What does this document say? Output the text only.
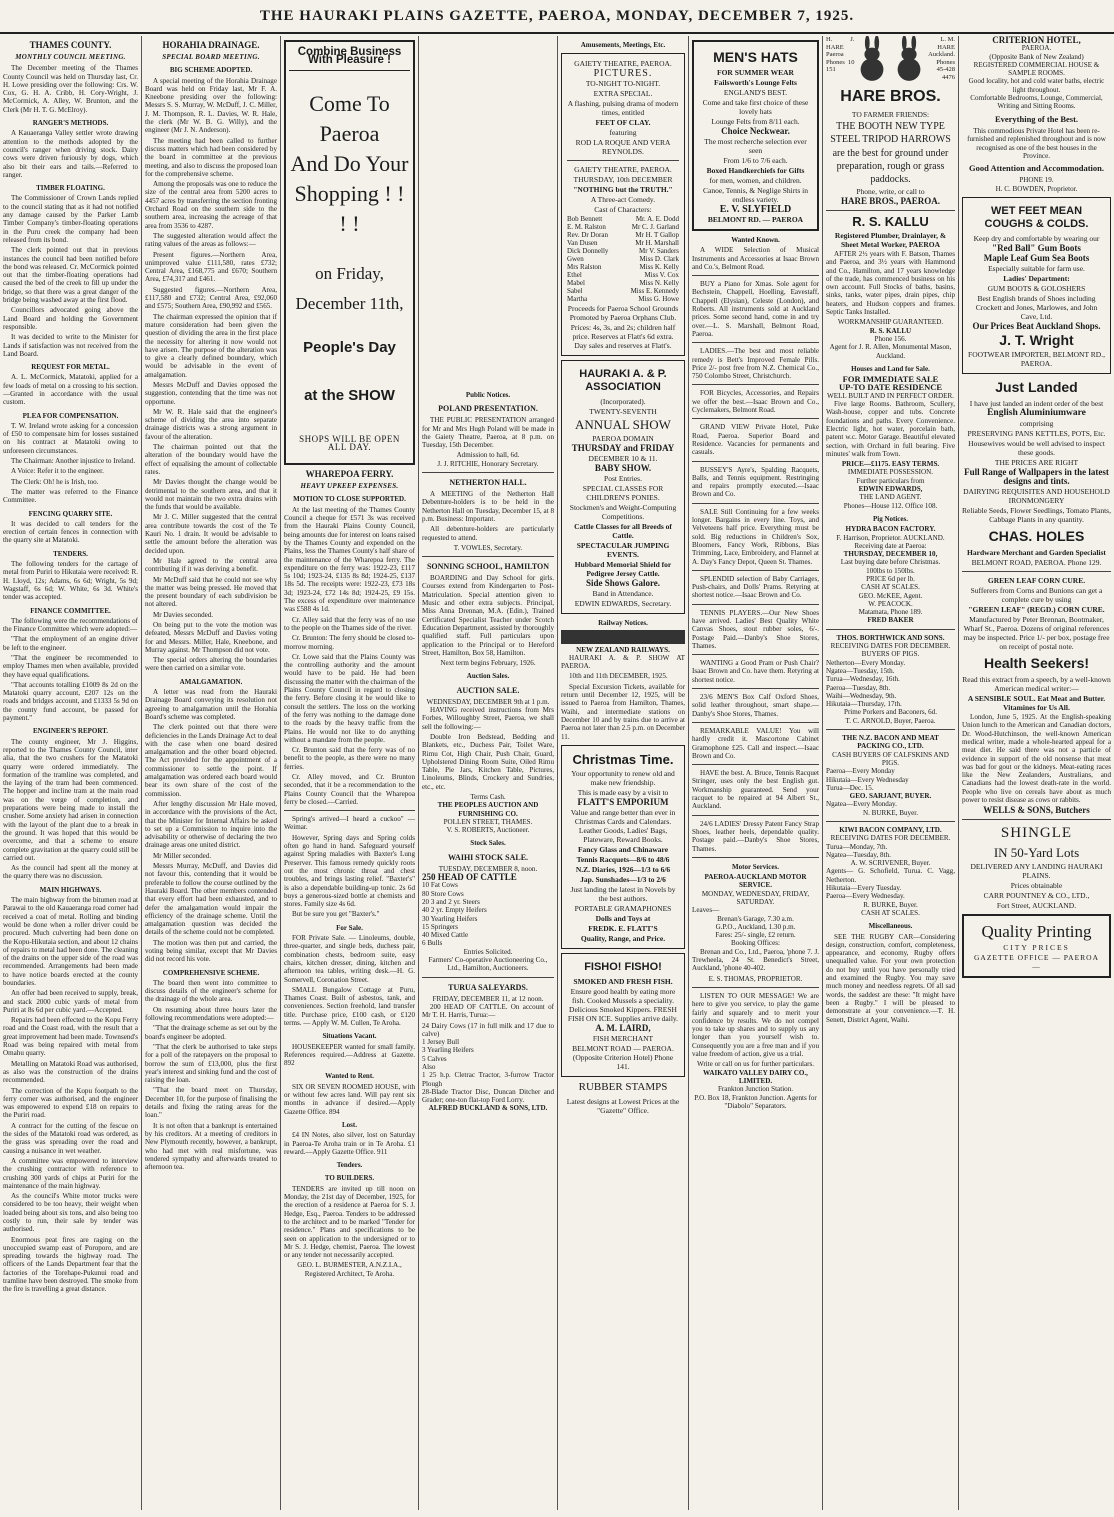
THE HAURAKI PLAINS GAZETTE, PAEROA, MONDAY, DECEMBER 7, 1925.
THAMES COUNTY.
MONTHLY COUNCIL MEETING.

The December meeting of the Thames County Council was held on Thursday last, Cr. H. Lowe presiding over the following: Crs. W. Cox, G. H. A. Cribb, H. Cory-Wright, J. McCormick, A. Alley, W. Brunton, and the Clerk (Mr H. T. G. McElroy).

RANGER'S METHODS.

A Kauaeranga Valley settler wrote drawing attention to the methods adopted by the council's ranger when driving stock. Dairy cows were driven furiously by dogs, which also bit their ears and tails.—Referred to ranger.

TIMBER FLOATING.

The Commissioner of Crown Lands replied to the council stating that as it had not notified any damage caused by the Parker Lamb Timber Company's timber-floating operations in the Puru creek the company had been released from its bond.

The clerk pointed out that in previous instances the council had been notified before the bond was released. Cr. McCormick pointed out that the timber-floating operations had caused the bed of the creek to fill up under the bridge, so that there was a great danger of the bridge being washed away at the first flood.

Councillors advocated going above the Land Board and holding the Government responsible.

It was decided to write to the Minister for Lands if satisfaction was not received from the Land Board.

REQUEST FOR METAL.

A. L. McCormick, Matatoki, applied for a few loads of metal on a crossing to his section.—Granted in accordance with the usual custom.

PLEA FOR COMPENSATION.

T. W. Ireland wrote asking for a concession of £50 to compensate him for losses sustained on his contract at Matatoki owing to unforeseen circumstances.

The Chairman: Another injustice to Ireland.

A Voice: Refer it to the engineer.

The Clerk: Oh! he is Irish, too.

The matter was referred to the Finance Committee.

FENCING QUARRY SITE.

It was decided to call tenders for the erection of certain fences in connection with the quarry site at Matatoki.

TENDERS.

The following tenders for the cartage of metal from Puriri to Hikutaia were received: R. H. Lloyd, 12s; Adams, 6s 6d; Wright, 5s 9d; Wagstaff, 6s 6d; W. White, 6s 3d. White's tender was accepted.

FINANCE COMMITTEE.

The following were the recommendations of the Finance Committee which were adopted:—

"That the employment of an engine driver be left to the engineer.

"That the engineer be recommended to employ Thames men when available, provided they have equal qualifications.

"That accounts totalling £1009 8s 2d on the Matatoki quarry account, £207 12s on the roads and bridges account, and £1333 5s 9d on the county fund account, be passed for payment."

ENGINEER'S REPORT.

The county engineer, Mr J. Higgins, reported to the Thames County Council, inter alia, that the two crushers for the Matatoki quarry were ordered immediately. The formation of the tramline was completed, and the laying of the tram had been commenced. The hopper and incline tram at the main road was on the verge of completion, and preparations were being made to install the crusher. Some anxiety had arisen in connection with the layout of the plant due to a break in the ground. It was hoped that this would be overcome, and that a scheme to ensure complete gravitation at the quarry could still be carried out.

As the council had spent all the money at the quarry there was no discussion.

MAIN HIGHWAYS.

The main highway from the bitumen road at Parawai to the old Kauaeranga road corner had received a coat of metal. Rolling and binding would be done when a roller driver could be procured. Much culverting had been done on the Kopu-Hikutaia section, and about 12 chains of repairs to metal had been done. The cleaning of the drains on the upper side of the road was recommended. Arrangements had been made to have notice boards erected at the county boundaries.

An offer had been received to supply, break, and stack 2000 cubic yards of metal from Puriri at 8s 6d per cubic yard.—Accepted.

Repairs had been effected to the Kopu Ferry road and the Coast road, with the result that a great improvement had been made. Townsend's Road was being repaired with metal from Omahu quarry.

Metalling on Matatoki Road was authorised, as also was the construction of the drains recommended.

The correction of the Kopu footpath to the ferry corner was authorised, and the engineer was empowered to expend £18 on repairs to the Puriri road.

A contract for the cutting of the fescue on the sides of the Matatoki road was ordered, as the grass was spreading over the road and causing a nuisance in wet weather.

A committee was empowered to interview the crushing contractor with reference to crushing 300 yards of chips at Puriri for the maintenance of the main highway.

As the council's White motor trucks were considered to be too heavy, their weight when loaded being about six tons, and also being too costly to run, their sale by tender was authorised.

Enormous peat fires are raging on the unoccupied swamp east of Poroporo, and are spreading towards the highway road. The officers of the Lands Department fear that the factories of the Torehape-Pukunui road and tramline have been destroyed. The smoke from the fire is travelling a great distance.

HORAHIA DRAINAGE.
SPECIAL BOARD MEETING.
BIG SCHEME ADOPTED.

A special meeting of the Horahia Drainage Board was held on Friday last, Mr F. A. Kneebone presiding over the following: Messrs S. S. Murray, W. McDuff, J. C. Miller, J. M. Thompson, R. L. Davies, W. R. Hale, the clerk (Mr W. B. G. Willy), and the engineer (Mr J. N. Anderson).

The meeting had been called to further discuss matters which had been considered by the board in committee at the previous meeting, and also to discuss the proposed loan for the comprehensive scheme.

Among the proposals was one to reduce the size of the central area from 5200 acres to 4457 acres by transferring the section fronting Orchard Road on the southern side to the southern area, increasing the acreage of that area from 3536 to 4287.

The suggested alteration would affect the rating values of the areas as follows:—

Present figures.—Northern Area, unimproved value £111,580, rates £732; Central Area, £168,775 and £670; Southern Area, £74,317 and £461.

Suggested figures.—Northern Area, £117,580 and £732; Central Area, £92,060 and £575; Southern Area, £90,992 and £565.

The chairman expressed the opinion that if mature consideration had been given the question of dividing the area in the first place the necessity for altering it now would not have arisen. The purpose of the alteration was to give a clearly defined boundary, which would be advisable in the event of amalgamation.

Messrs McDuff and Davies opposed the suggestion, contending that the time was not opportune.

Mr W. R. Hale said that the engineer's scheme of dividing the area into separate drainage districts was a strong argument in favour of the alteration.

The chairman pointed out that the alteration of the boundary would have the effect of equalising the amount of collectable rates.

Mr Davies thought the change would be detrimental to the southern area, and that it would not maintain the two extra drains with the funds that would be available.

Mr J. C. Miller suggested that the central area contribute towards the cost of the Te Kauri No. 1 drain. It would be advisable to settle the amount before the alteration was decided upon.

Mr Hale agreed to the central area contributing if it was deriving a benefit.

Mr McDuff said that he could not see why the matter was being pressed. He moved that the present boundary of each subdivision be not altered.

Mr Davies seconded.

On being put to the vote the motion was defeated, Messrs McDuff and Davies voting for and Messrs. Miller, Hale, Kneebone, and Murray against. Mr Thompson did not vote.

The special orders altering the boundaries were then carried on a similar vote.

AMALGAMATION.

A letter was read from the Hauraki Drainage Board conveying its resolution not agreeing to amalgamation until the Horahia Board's scheme was completed.

The clerk pointed out that there were deficiencies in the Lands Drainage Act to deal with the case when one board desired amalgamation and the other board objected. The Act provided for the appointment of a commissioner to settle the point. If amalgamation was ordered each board would bear its own share of the cost of the commission.

After lengthy discussion Mr Hale moved, in accordance with the provisions of the Act, that the Minister for Internal Affairs be asked to set up a Commission to inquire into the advisability or otherwise of declaring the two drainage areas one united district.

Mr Miller seconded.

Messrs Murray, McDuff, and Davies did not favour this, contending that it would be preferable to follow the course outlined by the Hauraki Board. The other members contended that every effort had been exhausted, and to defer the amalgamation would impair the efficiency of the drainage scheme. Until the amalgamation question was decided the details of the scheme could not be completed.

The motion was then put and carried, the voting being similar, except that Mr Davies did not record his vote.

COMPREHENSIVE SCHEME.

The board then went into committee to discuss details of the engineer's scheme for the drainage of the whole area.

On resuming about three hours later the following recommendations were adopted:—

"That the drainage scheme as set out by the board's engineer be adopted.

"That the clerk be authorised to take steps for a poll of the ratepayers on the proposal to borrow the sum of £13,000, plus the first year's interest and sinking fund and the cost of raising the loan.

"That the board meet on Thursday, December 10, for the purpose of finalising the details and fixing the rating areas for the loan."

It is not often that a bankrupt is entertained by his creditors. At a meeting of creditors in New Plymouth recently, however, a bankrupt, who had met with real misfortune, was tendered sympathy and afterwards treated to afternoon tea.

Combine Business With Pleasure !
Come To Paeroa
And Do Your
Shopping ! ! ! !
on Friday, December 11th,
People's Day
at the SHOW
SHOPS WILL BE OPEN ALL DAY.
WHAREPOA FERRY.
HEAVY UPKEEP EXPENSES.
MOTION TO CLOSE SUPPORTED.

At the last meeting of the Thames County Council a cheque for £571 3s was received from the Hauraki Plains County Council, being amounts due for interest on loans raised by the Thames County and expended on the Plains, less the Thames County's half share of the maintenance of the Wharepoa ferry. The expenditure on the ferry was: 1922-23, £117 5s 10d; 1923-24, £135 8s 8d; 1924-25, £137 18s 5d. The receipts were: 1922-23, £73 18s 3d; 1923-24, £72 14s 8d; 1924-25, £9 15s. The excess of expenditure over maintenance was £588 4s 1d.

Cr. Alley said that the ferry was of no use to the people on the Thames side of the river.

Cr. Brunton: The ferry should be closed to-morrow morning.

Cr. Lowe said that the Plains County was the controlling authority and the amount would have to be paid. He had been discussing the matter with the chairman of the Plains County Council in regard to closing the ferry. Before closing it he would like to consult the settlers. The loss on the working of the ferry was nothing to the damage done to the roads by the heavy traffic from the Plains. He would not like to do anything without a mandate from the people.

Cr. Brunton said that the ferry was of no benefit to the people, as there were no many ferries.

Cr. Alley moved, and Cr. Brunton seconded, that it be a recommendation to the Plains County Council that the Wharepoa ferry be closed.—Carried.

Spring's arrived—I heard a cuckoo" —Weimar.

However, Spring days and Spring colds often go hand in hand. Safeguard yourself against Spring maladies with Baxter's Lung Preserver. This famous remedy quickly roots out the most chronic throat and chest troubles, and brings lasting relief. "Baxter's" is also a dependable building-up tonic. 2s 6d buys a generous-sized bottle at chemists and stores. Family size 4s 6d.

But be sure you get "Baxter's."

For Sale.

FOR Private Sale. — Linoleums, double, three-quarter, and single beds, duchess pair, combination chests, bedroom suite, easy chairs, kitchen dresser, dining, kitchen and afternoon tea tables, writing desk.—H. G. Somervell, Coronation Street.

SMALL Bungalow Cottage at Puru, Thames Coast. Built of asbestos, tank, and conveniences. Section freehold, land transfer title. Purchase price, £100 cash, or £120 terms. — Apply W. M. Cullen, Te Aroha.

Situations Vacant.

HOUSEKEEPER wanted for small family. References required.—Address at Gazette. 892

Wanted to Rent.

SIX OR SEVEN ROOMED HOUSE, with or without few acres land. Will pay rent six months in advance if desired.—Apply Gazette Office. 894

Lost.

£4 IN Notes, also silver, lost on Saturday in Paeroa-Te Aroha train or in Te Aroha. £1 reward.—Apply Gazette Office. 911

Tenders.
TO BUILDERS.

TENDERS are invited up till noon on Monday, the 21st day of December, 1925, for the erection of a residence at Paeroa for S. J. Hedge, Esq., Paeroa. Tenders to be addressed to the architect and to be marked "Tender for residence." Plans and specifications to be seen on application to the undersigned or to Mr S. J. Hedge, chemist, Paeroa. The lowest or any tender not necessarily accepted.

GEO. L. BURMESTER, A.N.Z.I.A., Registered Architect, Te Aroha.
Public Notices.
POLAND PRESENTATION.

THE PUBLIC PRESENTATION arranged for Mr and Mrs Hugh Poland will be made in the Gaiety Theatre, Paeroa, at 8 p.m. on Tuesday, 15th December.

Admission to hall, 6d.
J. J. RITCHIE, Honorary Secretary.
NETHERTON HALL.

A MEETING of the Netherton Hall Debenture-holders is to be held in the Netherton Hall on Tuesday, December 15, at 8 p.m. Business: Important.

All debenture-holders are particularly requested to attend.

T. VOWLES, Secretary.
SONNING SCHOOL, HAMILTON

BOARDING and Day School for girls. Courses extend from Kindergarten to Post-Matriculation. Special attention given to Music and other extra subjects. Principal, Miss Anna Drennan, M.A. (Edin.), Trained Certificated Specialist Teacher under Scotch Education Department, assisted by thoroughly qualified staff. Full particulars upon application to the Principal or to Hereford Street, Hamilton, Box 58, Hamilton.

Next term begins February, 1926.
Auction Sales.
AUCTION SALE.
WEDNESDAY, DECEMBER 9th at 1 p.m.

HAVING received instructions from Mrs Forbes, Willoughby Street, Paeroa, we shall sell the following:—

Double Iron Bedstead, Bedding and Blankets, etc., Duchess Pair, Toilet Ware, Rimu Cot, High Chair, Push Chair, Guard, Upholstered Dining Room Suite, Oiled Rimu Table, Pie Jars, Kitchen Table, Pictures, Linoleums, Blinds, Crockery and Sundries, etc., etc.

Terms Cash.
THE PEOPLES AUCTION AND FURNISHING CO.
POLLEN STREET, THAMES.
V. S. ROBERTS, Auctioneer.
Stock Sales.
WAIHI STOCK SALE.
TUESDAY, DECEMBER 8, noon.
250 HEAD OF CATTLE
10 Fat Cows
80 Store Cows
20 3 and 2 yr. Steers
40 2 yr. Empty Heifers
30 Yearling Heifers
15 Springers
40 Mixed Cattle
6 Bulls
Entries Solicited.
Farmers' Co-operative Auctioneering Co., Ltd., Hamilton, Auctioneers.
TURUA SALEYARDS.
FRIDAY, DECEMBER 11, at 12 noon.

200 HEAD OF CATTLE. On account of Mr T. H. Harris, Turua:—

24 Dairy Cows (17 in full milk and 17 due to calve)
1 Jersey Bull
3 Yearling Heifers
5 Calves
Also
1 25 h.p. Cletrac Tractor, 3-furrow Tractor Plough
28-Blade Tractor Disc, Duncan Ditcher and Grader; one-ton flat-top Ford Lorry.
ALFRED BUCKLAND & SONS, LTD.
Amusements, Meetings, Etc.
GAIETY THEATRE, PAEROA.
PICTURES.
TO-NIGHT TO-NIGHT.
EXTRA SPECIAL.
A flashing, pulsing drama of modern times, entitled
FEET OF CLAY.
featuring
ROD LA ROQUE AND VERA REYNOLDS.
GAIETY THEATRE, PAEROA.
THURSDAY, 10th DECEMBER
"NOTHING but the TRUTH."
A Three-act Comedy.
Cast of Characters:
Bob Bennett	Mr. A. E. Dodd
E. M. Ralston	Mr C. J. Garland
Rev. Dr Doran	Mr H. T Gallop
Van Dusen	Mr H. Marshall
Dick Donnelly	Mr V. Sanders
Gwen	Miss D. Clark
Mrs Ralston	Miss K. Kelly
Ethel	Miss V. Cox
Mabel	Miss N. Kelly
Sabel	Miss E. Kennedy
Martha	Miss G. Howe
Proceeds for Paeroa School Grounds Promoted by Paeroa Orphans Club.
Prices: 4s, 3s, and 2s; children half price. Reserves at Flatt's 6d extra. Day sales and reserves at Flatt's.
HAURAKI A. & P. ASSOCIATION
(Incorporated).
TWENTY-SEVENTH
ANNUAL SHOW
PAEROA DOMAIN
THURSDAY and FRIDAY
DECEMBER 10 & 11.
BABY SHOW.
Post Entries.
SPECIAL CLASSES FOR CHILDREN'S PONIES.
Stockmen's and Weight-Computing Competitions.
Cattle Classes for all Breeds of Cattle.
SPECTACULAR JUMPING EVENTS.
Hubbard Memorial Shield for Pedigree Jersey Cattle.
Side Shows Galore.
Band in Attendance.
EDWIN EDWARDS, Secretary.
Railway Notices.
NEW ZEALAND RAILWAYS.

HAURAKI A. & P. SHOW AT PAEROA.

10th and 11th DECEMBER, 1925.

Special Excursion Tickets, available for return until December 12, 1925, will be issued to Paeroa from Hamilton, Thames, Waihi, and intermediate stations on December 10 and by trains due to arrive at Paeroa not later than 2.5 p.m. on December 11.

Christmas Time.
Your opportunity to renew old and make new friendship.
This is made easy by a visit to
FLATT'S EMPORIUM
Value and range better than ever in Christmas Cards and Calendars. Leather Goods, Ladies' Bags, Plateware, Reward Books.
Fancy Glass and Chinaware
Tennis Racquets—8/6 to 48/6
N.Z. Diaries, 1926—1/3 to 6/6
Jap. Sunshades—1/3 to 2/6
Just landing the latest in Novels by the best authors.
PORTABLE GRAMAPHONES
Dolls and Toys at
FREDK. E. FLATT'S
Quality, Range, and Price.
FISHO! FISHO!
SMOKED AND FRESH FISH.
Ensure good health by eating more fish. Cooked Mussels a speciality. Delicious Smoked Kippers. FRESH FISH ON ICE. Supplies arrive daily.
A. M. LAIRD,
FISH MERCHANT
BELMONT ROAD — PAEROA. (Opposite Criterion Hotel) Phone 141.
RUBBER STAMPS
Latest designs at Lowest Prices at the "Gazette" Office.
MEN'S HATS
FOR SUMMER WEAR
Failsworth's Lounge Felts
ENGLAND'S BEST.
Come and take first choice of these lovely hats
Lounge Felts from 8/11 each.
Choice Neckwear.
The most recherche selection ever seen
From 1/6 to 7/6 each.
Boxed Handkerchiefs for Gifts
for men, women, and children.
Canoe, Tennis, & Neglige Shirts in endless variety.
E. V. SLYFIELD
BELMONT RD. — PAEROA
Wanted Known.

A WIDE Selection of Musical Instruments and Accessories at Isaac Brown and Co.'s, Belmont Road.

BUY a Piano for Xmas. Sole agent for Bechstein, Chappell, Hoelling, Eavestaff, Chappell (Elysian), Celeste (London), and Roberts. All instruments sold at Auckland prices. Some second hand, come in and try over.—L. S. Marshall, Belmont Road, Paeroa.

LADIES.—The best and most reliable remedy is Bett's Improved Female Pills. Price 2/- post free from N.Z. Chemical Co., 750 Colombo Street, Christchurch.

FOR Bicycles, Accessories, and Repairs we offer the best.—Isaac Brown and Co., Cyclemakers, Belmont Road.

GRAND VIEW Private Hotel, Puke Road, Paeroa. Superior Board and Residence. Vacancies for permanents and casuals.

BUSSEY'S Ayre's, Spalding Racquets, Balls, and Tennis equipment. Restringing and repairs promptly executed.—Isaac Brown and Co.

SALE Still Continuing for a few weeks longer. Bargains in every line. Toys, and Velveteens half price. Everything must be sold. Big reductions in Children's Sox, Bloomers, Fancy Work, Ribbons, Bias Trimming, Lace, Embroidery, and Flannel at A. Day's Fancy Depot, Queen St. Thames.

SPLENDID selection of Baby Carriages, Push-chairs, and Dolls' Prams. Retyring at shortest notice.—Isaac Brown and Co.

TENNIS PLAYERS.—Our New Shoes have arrived. Ladies' Best Quality White Canvas Shoes, stout rubber soles, 6/-. Postage Paid.—Danby's Shoe Stores, Thames.

WANTING a Good Pram or Push Chair? Isaac Brown and Co. have them. Retyring at shortest notice.

23/6 MEN'S Box Calf Oxford Shoes, solid leather throughout, smart shape.—Danby's Shoe Stores, Thames.

REMARKABLE VALUE! You will hardly credit it. Mascortone Cabinet Gramophone £25. Call and inspect.—Isaac Brown and Co.

HAVE the best. A. Bruce, Tennis Racquet Stringer, uses only the best English gut. Workmanship guaranteed. Send your racquet to be repaired at 94 Albert St., Auckland.

24/6 LADIES' Dressy Patent Fancy Strap Shoes, leather heels, dependable quality. Postage paid.—Danby's Shoe Stores, Thames.

Motor Services.
PAEROA-AUCKLAND MOTOR SERVICE.
MONDAY, WEDNESDAY, FRIDAY, SATURDAY.
Leaves—
Brenan's Garage, 7.30 a.m.
G.P.O., Auckland, 1.30 p.m.
Fares: 25/- single, £2 return.
Booking Offices:

Brenan and Co., Ltd., Paeroa, 'phone 7. J. Trewheela, 24 St. Benedict's Street, Auckland, 'phone 40-402.

E. S. THOMAS, PROPRIETOR.

LISTEN TO OUR MESSAGE! We are here to give you service, to play the game fairly and squarely and to merit your confidence by results. We do not compel you to take up shares and to supply us any longer than you yourself wish to. Consequently you are a free man and if you value freedom of action, give us a trial.

Write or call on us for further particulars.
WAIKATO VALLEY DAIRY CO., LIMITED.
Frankton Junction Station.
P.O. Box 18, Frankton Junction. Agents for "Diabolo" Separators.
H. J. HARE Paeroa Phones 10 151
L. M. HARE Auckland. Phones 45-428 4476
HARE BROS.
TO FARMER FRIENDS:
THE BOOTH NEW TYPE STEEL TRIPOD HARROWS
are the best for ground under preparation, rough or grass paddocks.
Phone, write, or call to
HARE BROS., PAEROA.
R. S. KALLU
Registered Plumber, Drainlayer, & Sheet Metal Worker, PAEROA

AFTER 2½ years with F. Batson, Thames and Paeroa, and 3½ years with Hammond and Co., Hamilton, and 17 years knowledge of the trade, has commenced business on his own account. Full Stocks of baths, basins, sinks, tanks, water pipes, drain pipes, chip heaters, and Hudson coppers and frames. Septic Tanks Installed.

WORKMANSHIP GUARANTEED.
R. S. KALLU
Phone 156.
Agent for J. R. Allen, Monumental Mason, Auckland.
Houses and Land for Sale.
FOR IMMEDIATE SALE
UP-TO DATE RESIDENCE
WELL BUILT AND IN PERFECT ORDER.

Five large Rooms. Bathroom, Scullery, Wash-house, copper and tubs. Concrete foundations and paths. Every Convenience. Electric light, hot water, porcelain bath, patent w.c. Motor Garage. Beautiful elevated section, with Orchard in full bearing. Five minutes' walk from Town.

PRICE—£1175. EASY TERMS.
IMMEDIATE POSSESSION.
Further particulars from
EDWIN EDWARDS,
THE LAND AGENT.
Phones—House 112. Office 108.
Pig Notices.
HYDRA BACON FACTORY.
F. Harrison, Proprietor. AUCKLAND.
Receiving date at Paeroa:
THURSDAY, DECEMBER 10,
Last buying date before Christmas.
100lbs to 150lbs.
PRICE 6d per lb.
CASH AT SCALES.
GEO. McKEE, Agent.
W. PEACOCK.
Matamata, Phone 189.
FRED BAKER
THOS. BORTHWICK AND SONS.
RECEIVING DATES FOR DECEMBER.
BUYERS OF PIGS.
Netherton—Every Monday.
Ngatea—Tuesday, 15th.
Turua—Wednesday, 16th.
Paeroa—Tuesday, 8th.
Waihi—Wednesday, 9th.
Hikutaia—Thursday, 17th.
Prime Porkers and Baconers, 6d.
T. C. ARNOLD, Buyer, Paeroa.
THE N.Z. BACON AND MEAT PACKING CO., LTD.
CASH BUYERS OF CALFSKINS AND PIGS.
Paeroa—Every Monday
Hikutaia—Every Wednesday
Turua—Dec. 15.
GEO. SARJANT, BUYER.
Ngatea—Every Monday.
N. BURKE, Buyer.
KIWI BACON COMPANY, LTD.
RECEIVING DATES FOR DECEMBER.
Turua—Monday, 7th.
Ngatea—Tuesday, 8th.
A. W. SCRIVENER, Buyer.
Agents— G. Schofield, Turua. C. Vagg, Netherton.
Hikutaia—Every Tuesday.
Paeroa—Every Wednesday.
R. BURKE, Buyer.
CASH AT SCALES.
Miscellaneous.

SEE THE RUGBY CAR—Considering design, construction, comfort, completeness, appearance, and economy, Rugby offers unequalled value. For your own protection do not buy until you have personally tried and examined the Rugby. You may save much money and needless regrets. Of all sad words, the saddest are these: "It might have been a Rugby." I will be pleased to demonstrate at your convenience.—T. H. Senett, District Agent, Waihi.

CRITERION HOTEL,
PAEROA.
(Opposite Bank of New Zealand)
REGISTERED COMMERCIAL HOUSE & SAMPLE ROOMS.
Good locality, hot and cold water baths, electric light throughout.
Comfortable Bedrooms, Lounge, Commercial, Writing and Sitting Rooms.
Everything of the Best.
This commodious Private Hotel has been re-furnished and replenished throughout and is now recognised as one of the best houses in the Province.
Good Attention and Accommodation.
PHONE 19.
H. C. BOWDEN, Proprietor.
WET FEET MEAN COUGHS & COLDS.
Keep dry and comfortable by wearing our
"Red Ball" Gum Boots
Maple Leaf Gum Sea Boots
Especially suitable for farm use.
Ladies' Department:
GUM BOOTS & GOLOSHERS
Best English brands of Shoes including Crockett and Jones, Marlowes, and John Cave, Ltd.
Our Prices Beat Auckland Shops.
J. T. Wright
FOOTWEAR IMPORTER, BELMONT RD., PAEROA.
Just Landed
I have just landed an indent order of the best
English Aluminiumware
comprising
PRESERVING PANS KETTLES, POTS, Etc.
Housewives would be well advised to inspect these goods.
THE PRICES ARE RIGHT
Full Range of Wallpapers in the latest designs and tints.
DAIRYING REQUISITES AND HOUSEHOLD IRONMONGERY
Reliable Seeds, Flower Seedlings, Tomato Plants, Cabbage Plants in any quantity.
CHAS. HOLES
Hardware Merchant and Garden Specialist
BELMONT ROAD, PAEROA. Phone 129.
GREEN LEAF CORN CURE.
Sufferers from Corns and Bunions can get a complete cure by using
"GREEN LEAF" (REGD.) CORN CURE.
Manufactured by Peter Brennan, Bootmaker, Wharf St., Paeroa. Dozens of original references may be inspected. Price 1/- per box, postage free on receipt of postal note.
Health Seekers!
Read this extract from a speech, by a well-known American medical writer:—
A SENSIBLE SOUL. Eat Meat and Butter. Vitamines for Us All.

London, June 5, 1925. At the English-speaking Union lunch to the American and Canadian doctors, Dr. Wood-Hutchinson, the well-known American medical writer, made a whole-hearted appeal for a meat diet. He said there was not a particle of evidence in support of the old nonsense that meat was bad for gout or the kidneys. Meat-eating races like the New Zealanders, Australians, and Canadians had the lowest death-rate in the world. People who live on cereals have about as much power to resist disease as cows or rabbits.

WELLS & SONS, Butchers
SHINGLE
IN 50-Yard Lots
DELIVERED ANY LANDING HAURAKI PLAINS.
Prices obtainable
CARR POUNTNEY & CO., LTD.,
Fort Street, AUCKLAND.
Quality Printing
CITY PRICES
GAZETTE OFFICE — PAEROA —
